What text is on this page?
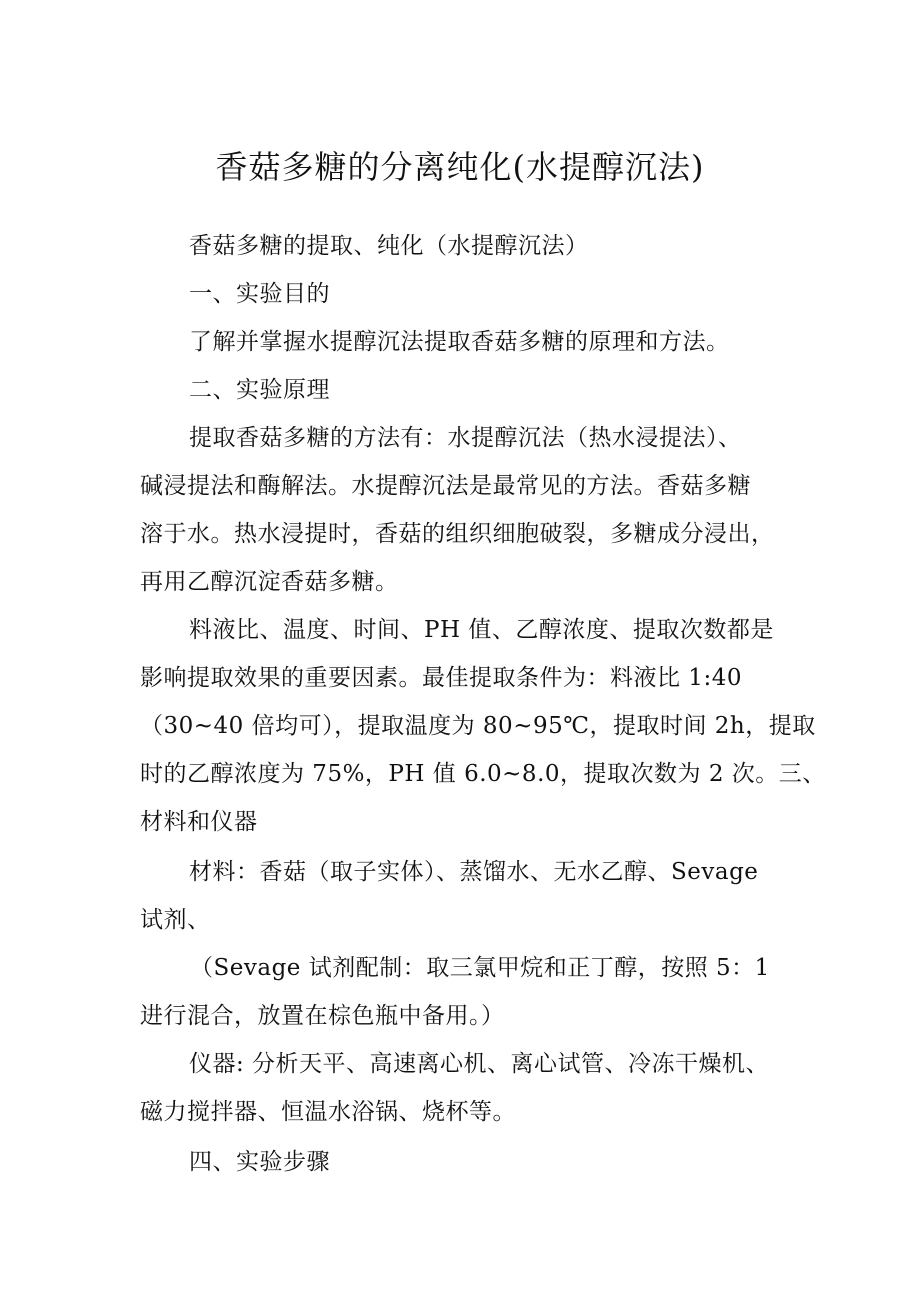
香菇多糖的分离纯化(水提醇沉法)

香菇多糖的提取、纯化（水提醇沉法）

一、实验目的

了解并掌握水提醇沉法提取香菇多糖的原理和方法。

二、实验原理

提取香菇多糖的方法有：水提醇沉法（热水浸提法）、

碱浸提法和酶解法。水提醇沉法是最常见的方法。香菇多糖

溶于水。热水浸提时，香菇的组织细胞破裂，多糖成分浸出，

再用乙醇沉淀香菇多糖。

料液比、温度、时间、PH 值、乙醇浓度、提取次数都是

影响提取效果的重要因素。最佳提取条件为：料液比 1:40

（30~40 倍均可），提取温度为 80~95℃，提取时间 2h，提取

时的乙醇浓度为 75%，PH 值 6.0~8.0，提取次数为 2 次。三、

材料和仪器

材料：香菇（取子实体）、蒸馏水、无水乙醇、Sevage

试剂、

（Sevage 试剂配制：取三氯甲烷和正丁醇，按照 5：1

进行混合，放置在棕色瓶中备用。）

仪器: 分析天平、高速离心机、离心试管、冷冻干燥机、

磁力搅拌器、恒温水浴锅、烧杯等。

四、实验步骤
